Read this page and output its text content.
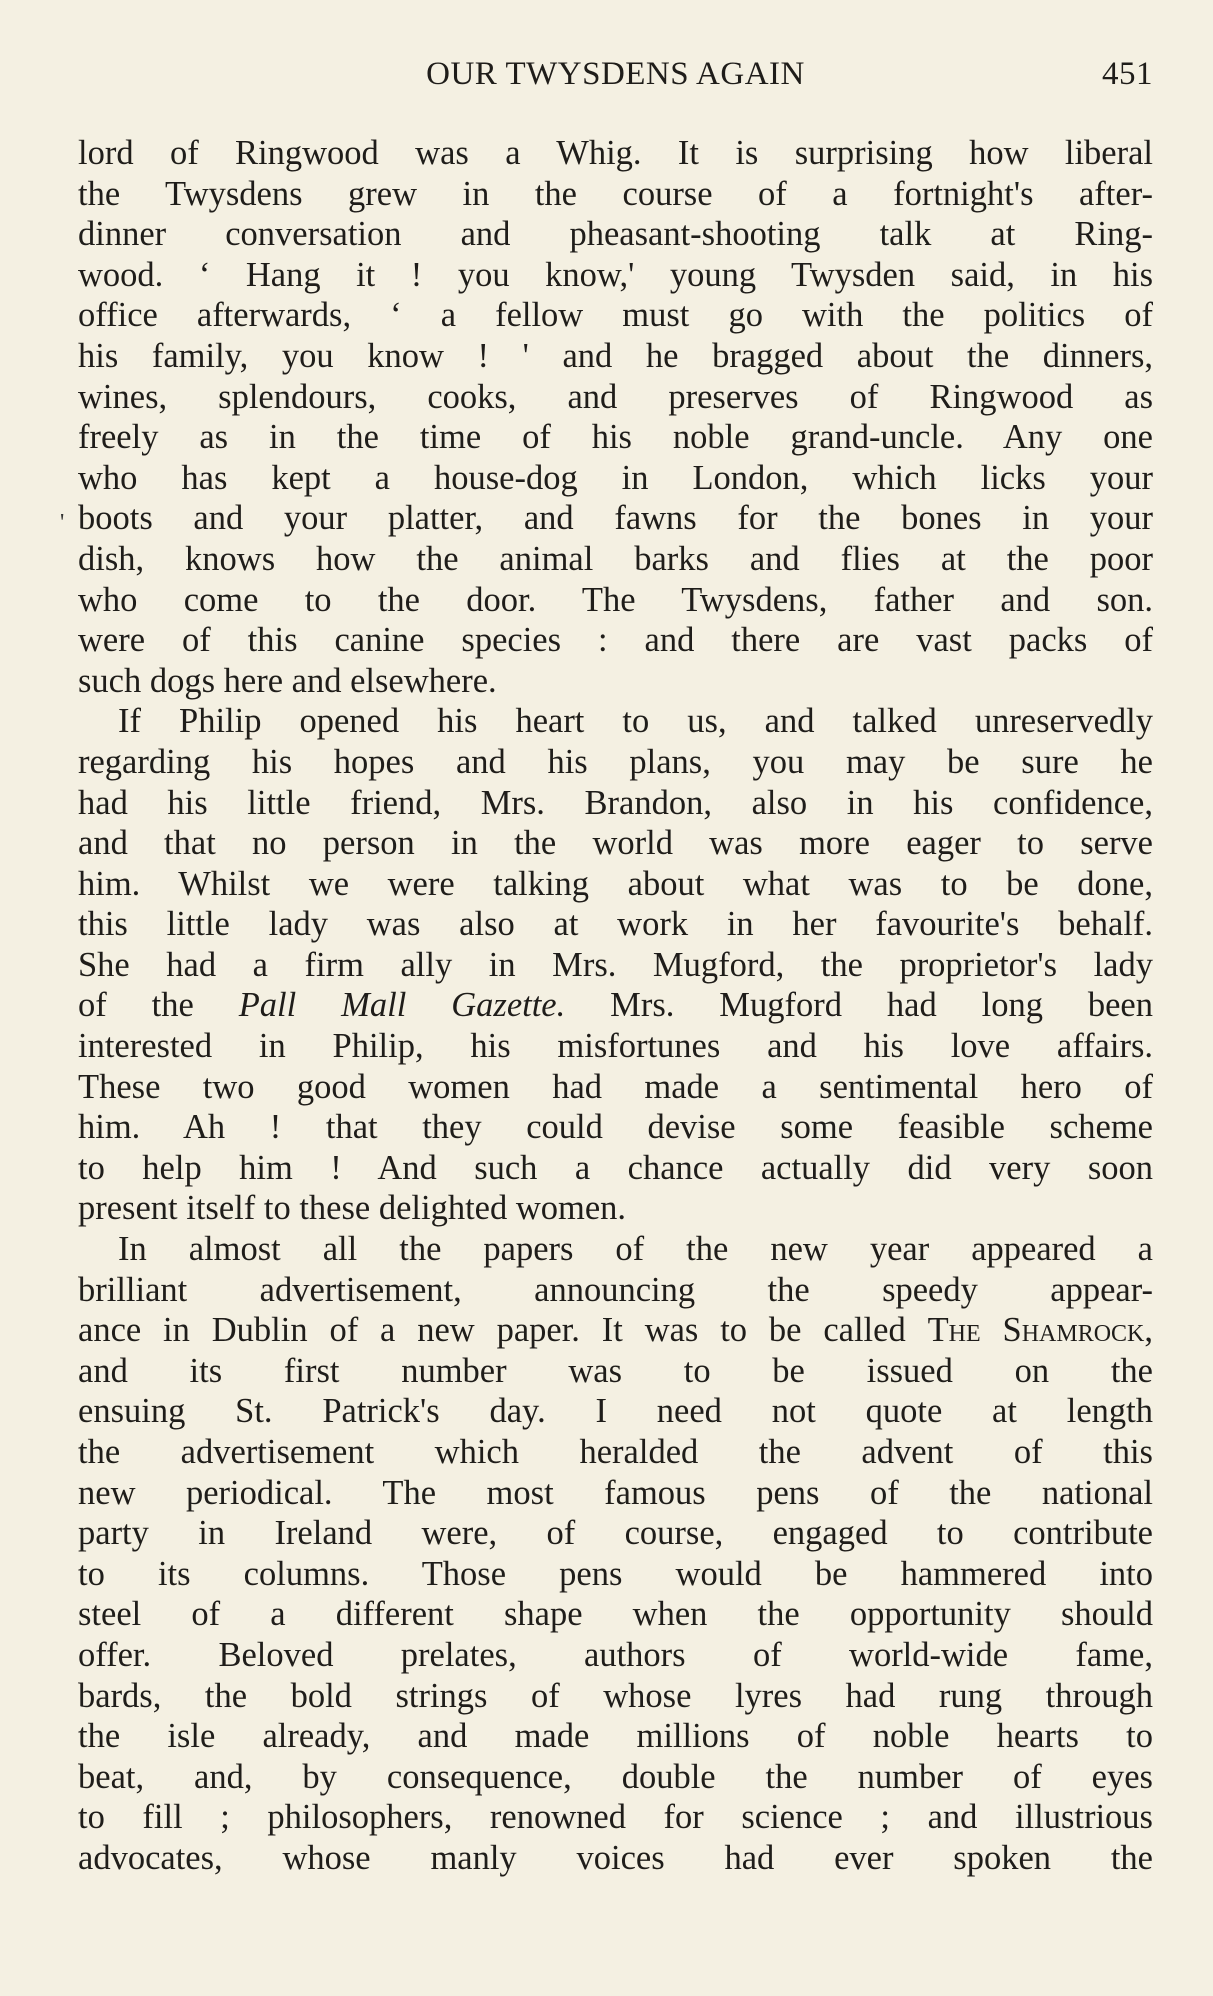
OUR TWYSDENS AGAIN	451
'
lord of Ringwood was a Whig. It is surprising how liberal
the Twysdens grew in the course of a fortnight's after-
dinner conversation and pheasant-shooting talk at Ring-
wood. ‘ Hang it ! you know,' young Twysden said, in his
office afterwards, ‘ a fellow must go with the politics of
his family, you know ! ' and he bragged about the dinners,
wines, splendours, cooks, and preserves of Ringwood as
freely as in the time of his noble grand-uncle. Any one
who has kept a house-dog in London, which licks your
boots and your platter, and fawns for the bones in your
dish, knows how the animal barks and flies at the poor
who come to the door. The Twysdens, father and son.
were of this canine species : and there are vast packs of
such dogs here and elsewhere.
If Philip opened his heart to us, and talked unreservedly
regarding his hopes and his plans, you may be sure he
had his little friend, Mrs. Brandon, also in his confidence,
and that no person in the world was more eager to serve
him. Whilst we were talking about what was to be done,
this little lady was also at work in her favourite's behalf.
She had a firm ally in Mrs. Mugford, the proprietor's lady
of the Pall Mall Gazette. Mrs. Mugford had long been
interested in Philip, his misfortunes and his love affairs.
These two good women had made a sentimental hero of
him. Ah ! that they could devise some feasible scheme
to help him ! And such a chance actually did very soon
present itself to these delighted women.
In almost all the papers of the new year appeared a
brilliant advertisement, announcing the speedy appear-
ance in Dublin of a new paper. It was to be called The Shamrock,
and its first number was to be issued on the
ensuing St. Patrick's day. I need not quote at length
the advertisement which heralded the advent of this
new periodical. The most famous pens of the national
party in Ireland were, of course, engaged to contribute
to its columns. Those pens would be hammered into
steel of a different shape when the opportunity should
offer. Beloved prelates, authors of world-wide fame,
bards, the bold strings of whose lyres had rung through
the isle already, and made millions of noble hearts to
beat, and, by consequence, double the number of eyes
to fill ; philosophers, renowned for science ; and illustrious
advocates, whose manly voices had ever spoken the
